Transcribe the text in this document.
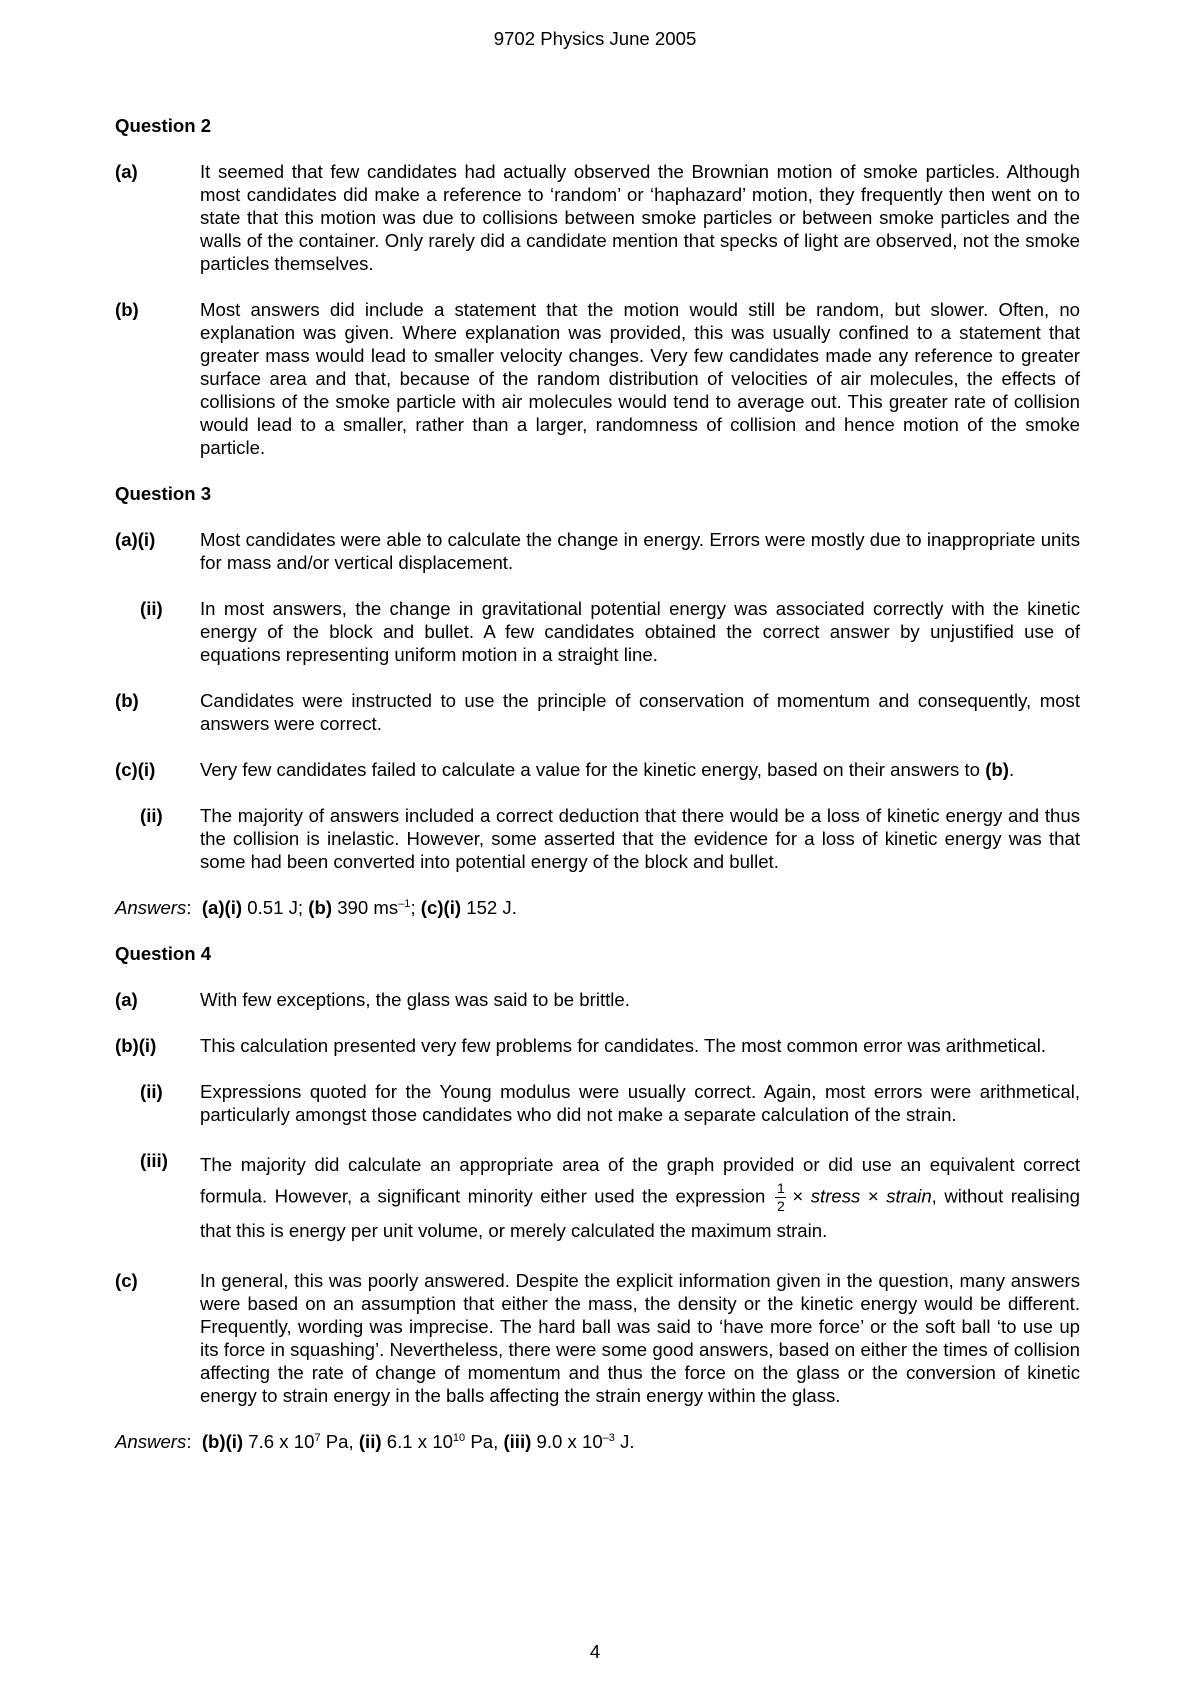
9702 Physics June 2005
Question 2
(a)	It seemed that few candidates had actually observed the Brownian motion of smoke particles. Although most candidates did make a reference to ‘random’ or ‘haphazard’ motion, they frequently then went on to state that this motion was due to collisions between smoke particles or between smoke particles and the walls of the container. Only rarely did a candidate mention that specks of light are observed, not the smoke particles themselves.
(b)	Most answers did include a statement that the motion would still be random, but slower. Often, no explanation was given. Where explanation was provided, this was usually confined to a statement that greater mass would lead to smaller velocity changes. Very few candidates made any reference to greater surface area and that, because of the random distribution of velocities of air molecules, the effects of collisions of the smoke particle with air molecules would tend to average out. This greater rate of collision would lead to a smaller, rather than a larger, randomness of collision and hence motion of the smoke particle.
Question 3
(a)(i)	Most candidates were able to calculate the change in energy. Errors were mostly due to inappropriate units for mass and/or vertical displacement.
(ii)	In most answers, the change in gravitational potential energy was associated correctly with the kinetic energy of the block and bullet. A few candidates obtained the correct answer by unjustified use of equations representing uniform motion in a straight line.
(b)	Candidates were instructed to use the principle of conservation of momentum and consequently, most answers were correct.
(c)(i)	Very few candidates failed to calculate a value for the kinetic energy, based on their answers to (b).
(ii)	The majority of answers included a correct deduction that there would be a loss of kinetic energy and thus the collision is inelastic. However, some asserted that the evidence for a loss of kinetic energy was that some had been converted into potential energy of the block and bullet.
Answers: (a)(i) 0.51 J; (b) 390 $ms^{-1}$; (c)(i) 152 J.
Question 4
(a)	With few exceptions, the glass was said to be brittle.
(b)(i)	This calculation presented very few problems for candidates. The most common error was arithmetical.
(ii)	Expressions quoted for the Young modulus were usually correct. Again, most errors were arithmetical, particularly amongst those candidates who did not make a separate calculation of the strain.
(iii)	The majority did calculate an appropriate area of the graph provided or did use an equivalent correct formula. However, a significant minority either used the expression $\frac{1}{2}$ × stress × strain, without realising that this is energy per unit volume, or merely calculated the maximum strain.
(c)	In general, this was poorly answered. Despite the explicit information given in the question, many answers were based on an assumption that either the mass, the density or the kinetic energy would be different. Frequently, wording was imprecise. The hard ball was said to ‘have more force’ or the soft ball ‘to use up its force in squashing’. Nevertheless, there were some good answers, based on either the times of collision affecting the rate of change of momentum and thus the force on the glass or the conversion of kinetic energy to strain energy in the balls affecting the strain energy within the glass.
Answers: (b)(i) 7.6 x $10^7$ Pa, (ii) 6.1 x $10^{10}$ Pa, (iii) 9.0 x $10^{-3}$ J.
4
